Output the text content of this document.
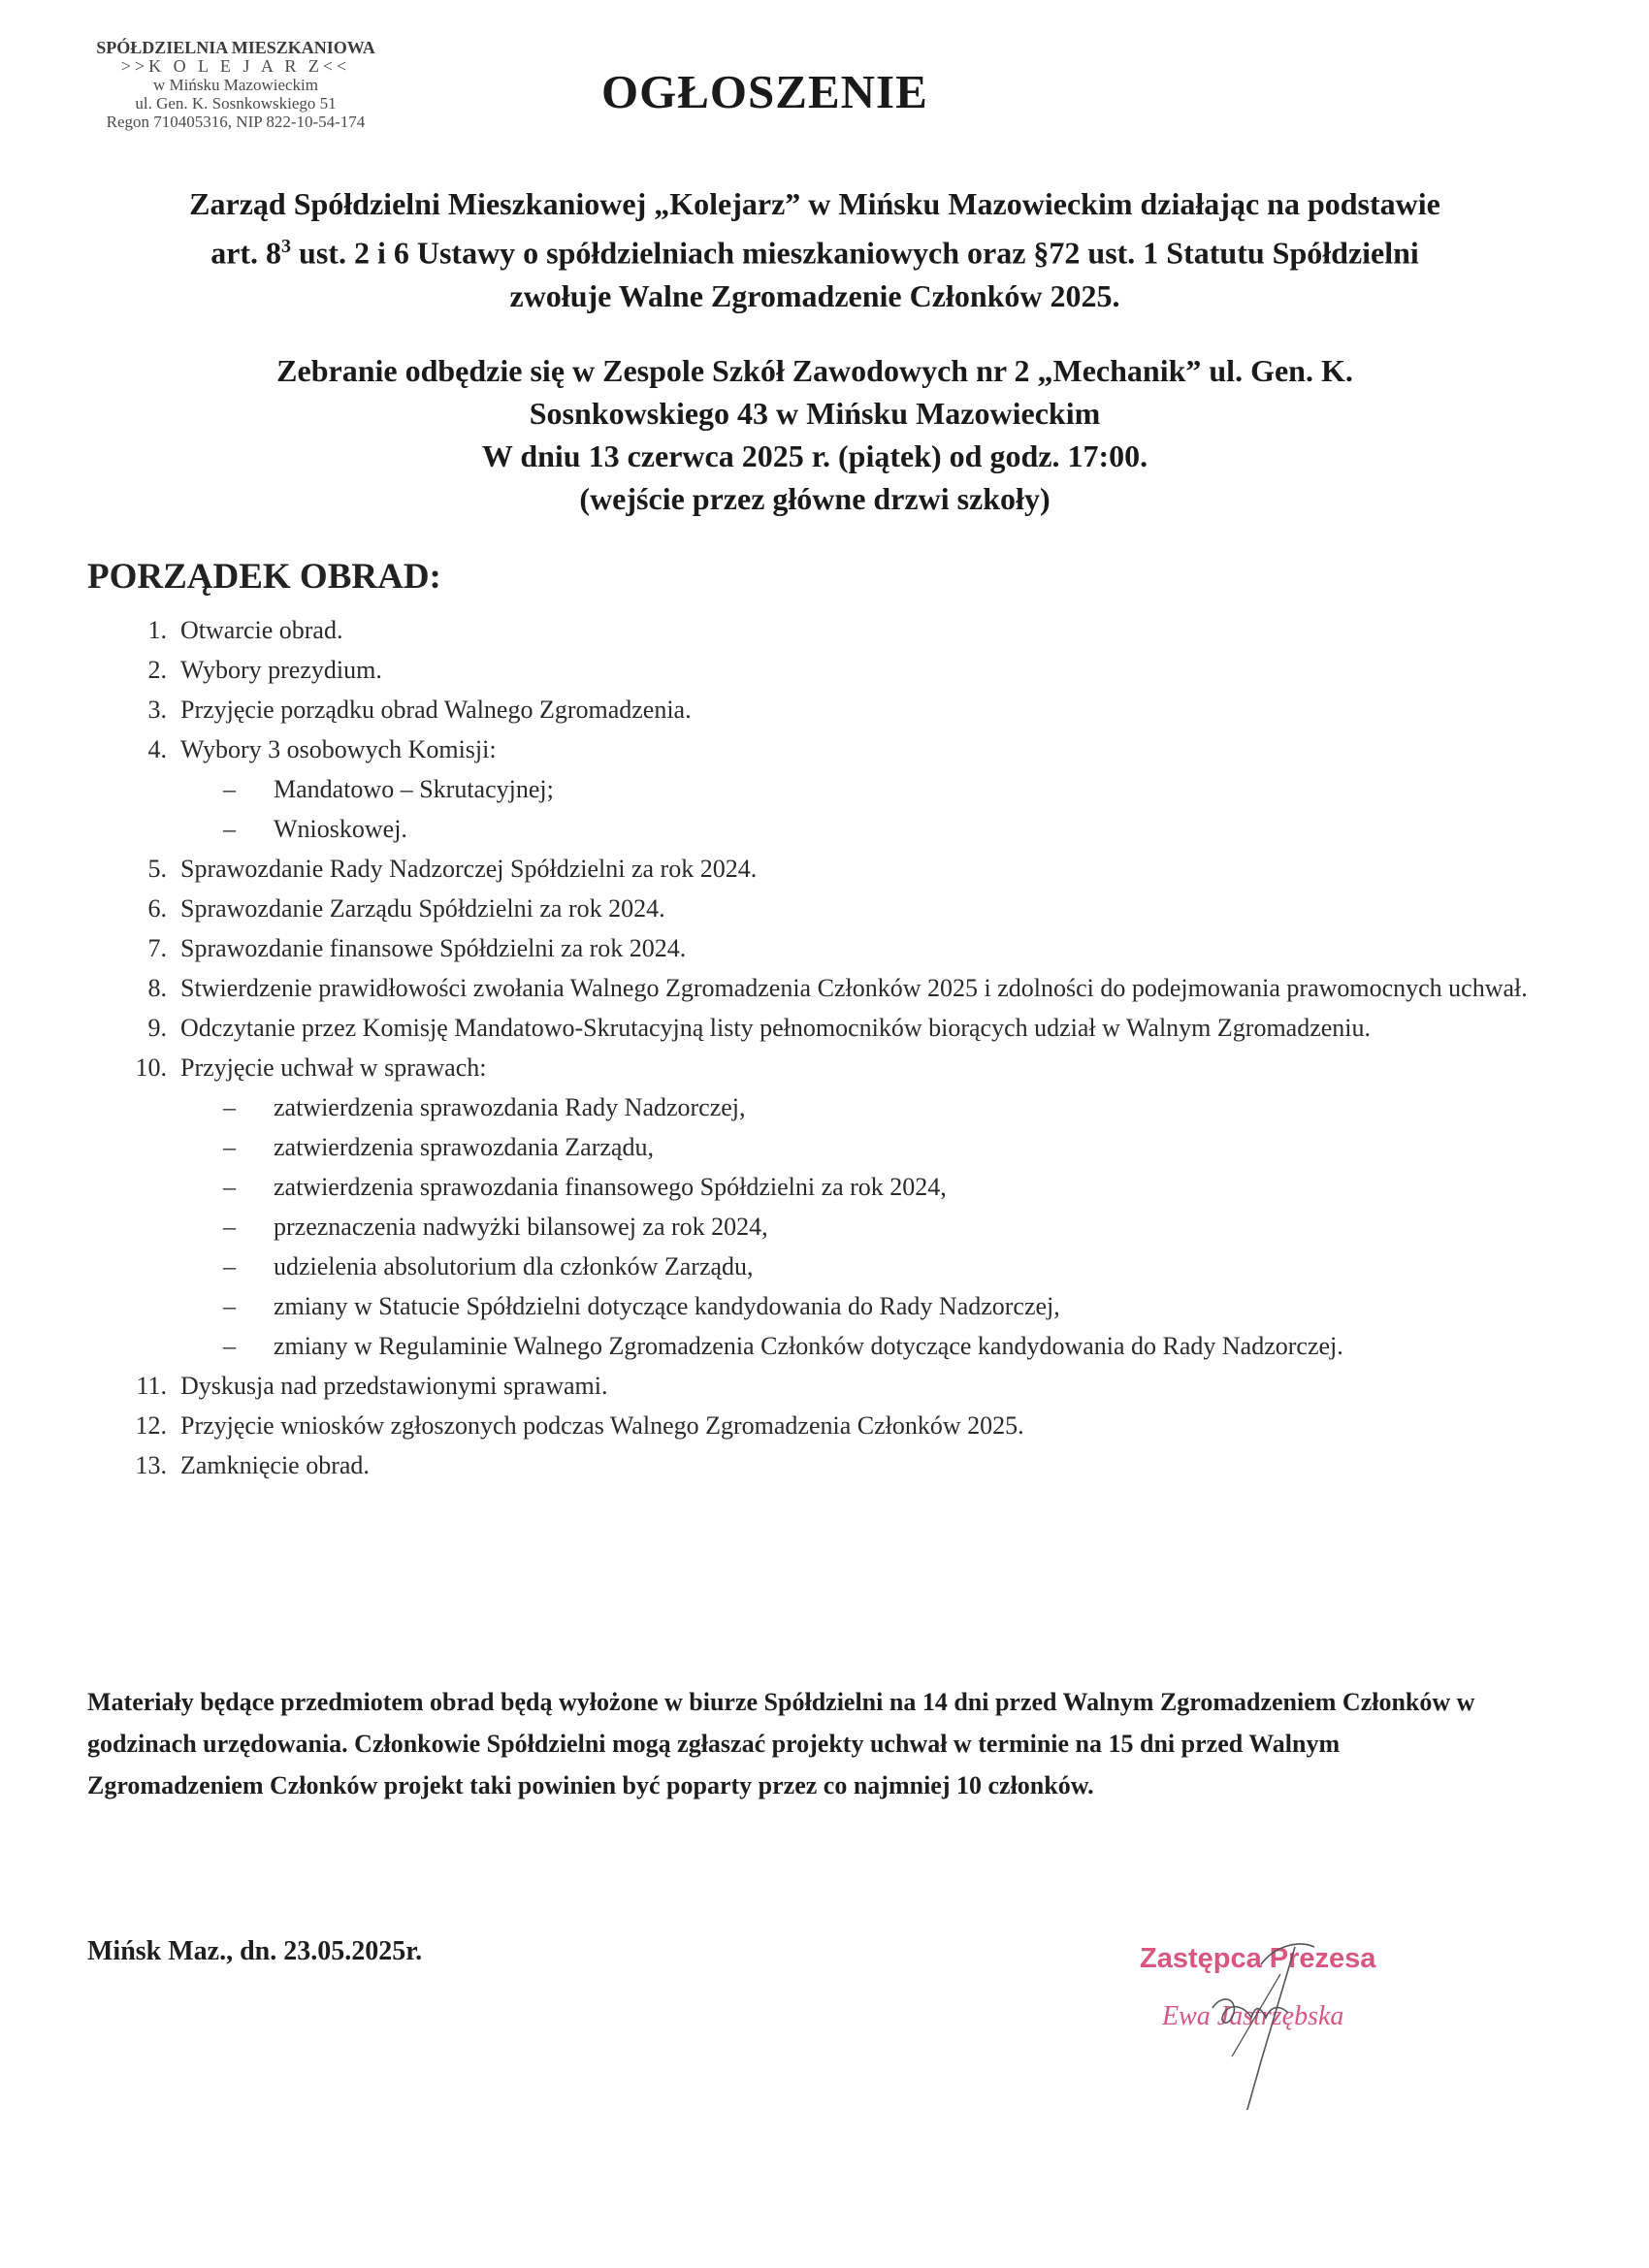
SPÓŁDZIELNIA MIESZKANIOWA
>>K O L E J A R Z<<
w Mińsku Mazowieckim
ul. Gen. K. Sosnkowskiego 51
Regon 710405316, NIP 822-10-54-174
OGŁOSZENIE
Zarząd Spółdzielni Mieszkaniowej „Kolejarz” w Mińsku Mazowieckim działając na podstawie
art. $8^3$ ust. 2 i 6 Ustawy o spółdzielniach mieszkaniowych oraz §72 ust. 1 Statutu Spółdzielni
zwołuje Walne Zgromadzenie Członków 2025.
Zebranie odbędzie się w Zespole Szkół Zawodowych nr 2 „Mechanik” ul. Gen. K.
Sosnkowskiego 43 w Mińsku Mazowieckim
W dniu 13 czerwca 2025 r. (piątek) od godz. 17:00.
(wejście przez główne drzwi szkoły)
PORZĄDEK OBRAD:
1. Otwarcie obrad.
2. Wybory prezydium.
3. Przyjęcie porządku obrad Walnego Zgromadzenia.
4. Wybory 3 osobowych Komisji:
–	Mandatowo – Skrutacyjnej;
–	Wnioskowej.
5. Sprawozdanie Rady Nadzorczej Spółdzielni za rok 2024.
6. Sprawozdanie Zarządu Spółdzielni za rok 2024.
7. Sprawozdanie finansowe Spółdzielni za rok 2024.
8. Stwierdzenie prawidłowości zwołania Walnego Zgromadzenia Członków 2025 i zdolności do podejmowania prawomocnych uchwał.
9. Odczytanie przez Komisję Mandatowo-Skrutacyjną listy pełnomocników biorących udział w Walnym Zgromadzeniu.
10. Przyjęcie uchwał w sprawach:
–	zatwierdzenia sprawozdania Rady Nadzorczej,
–	zatwierdzenia sprawozdania Zarządu,
–	zatwierdzenia sprawozdania finansowego Spółdzielni za rok 2024,
–	przeznaczenia nadwyżki bilansowej za rok 2024,
–	udzielenia absolutorium dla członków Zarządu,
–	zmiany w Statucie Spółdzielni dotyczące kandydowania do Rady Nadzorczej,
–	zmiany w Regulaminie Walnego Zgromadzenia Członków dotyczące kandydowania do Rady Nadzorczej.
11. Dyskusja nad przedstawionymi sprawami.
12. Przyjęcie wniosków zgłoszonych podczas Walnego Zgromadzenia Członków 2025.
13. Zamknięcie obrad.
Materiały będące przedmiotem obrad będą wyłożone w biurze Spółdzielni na 14 dni przed Walnym Zgromadzeniem Członków w godzinach urzędowania. Członkowie Spółdzielni mogą zgłaszać projekty uchwał w terminie na 15 dni przed Walnym Zgromadzeniem Członków projekt taki powinien być poparty przez co najmniej 10 członków.
Mińsk Maz., dn. 23.05.2025r.	Zastępca Prezesa
Ewa Jastrzębska
